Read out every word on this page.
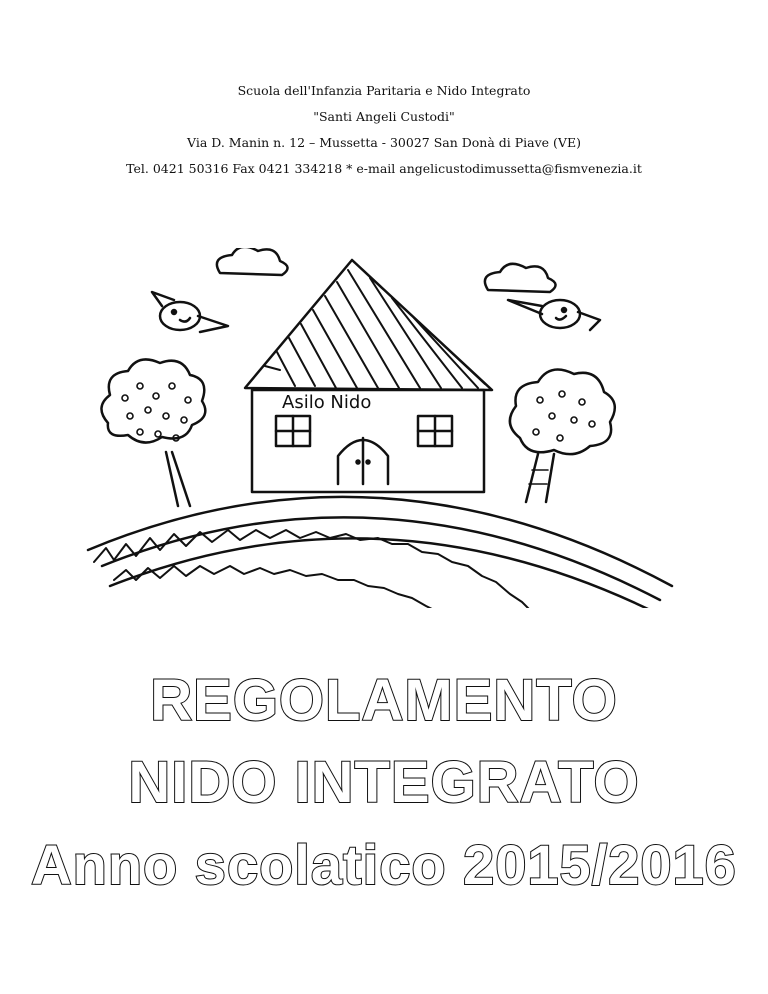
Scuola dell'Infanzia Paritaria e Nido Integrato
"Santi Angeli Custodi"
Via D. Manin n. 12 – Mussetta - 30027 San Donà di Piave (VE)
Tel. 0421 50316 Fax 0421 334218 * e-mail angelicustodimussetta@fismvenezia.it
Asilo Nido
REGOLAMENTO
NIDO INTEGRATO
Anno scolatico 2015/2016
